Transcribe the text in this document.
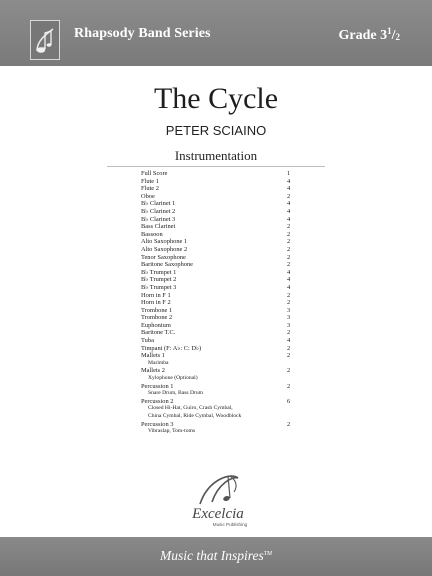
Rhapsody Band Series	Grade $3^1/_2$
The Cycle
PETER SCIAINO
Instrumentation
Full Score	1
Flute 1	4
Flute 2	4
Oboe	2
B♭ Clarinet 1	4
B♭ Clarinet 2	4
B♭ Clarinet 3	4
Bass Clarinet	2
Bassoon	2
Alto Saxophone 1	2
Alto Saxophone 2	2
Tenor Saxophone	2
Baritone Saxophone	2
B♭ Trumpet 1	4
B♭ Trumpet 2	4
B♭ Trumpet 3	4
Horn in F 1	2
Horn in F 2	2
Trombone 1	3
Trombone 2	3
Euphonium	3
Baritone T.C.	2
Tuba	4
Timpani (F: A♭: C: D♭)	2
Mallets 1	2
Marimba
Mallets 2	2
Xylophone (Optional)
Percussion 1	2
Snare Drum, Bass Drum
Percussion 2	6
Closed Hi-Hat, Guiro, Crash Cymbal,
China Cymbal, Ride Cymbal, Woodblock
Percussion 3	2
Vibraslap, Tom-toms
Excelcia
Music Publishing
Music that Inspires™
